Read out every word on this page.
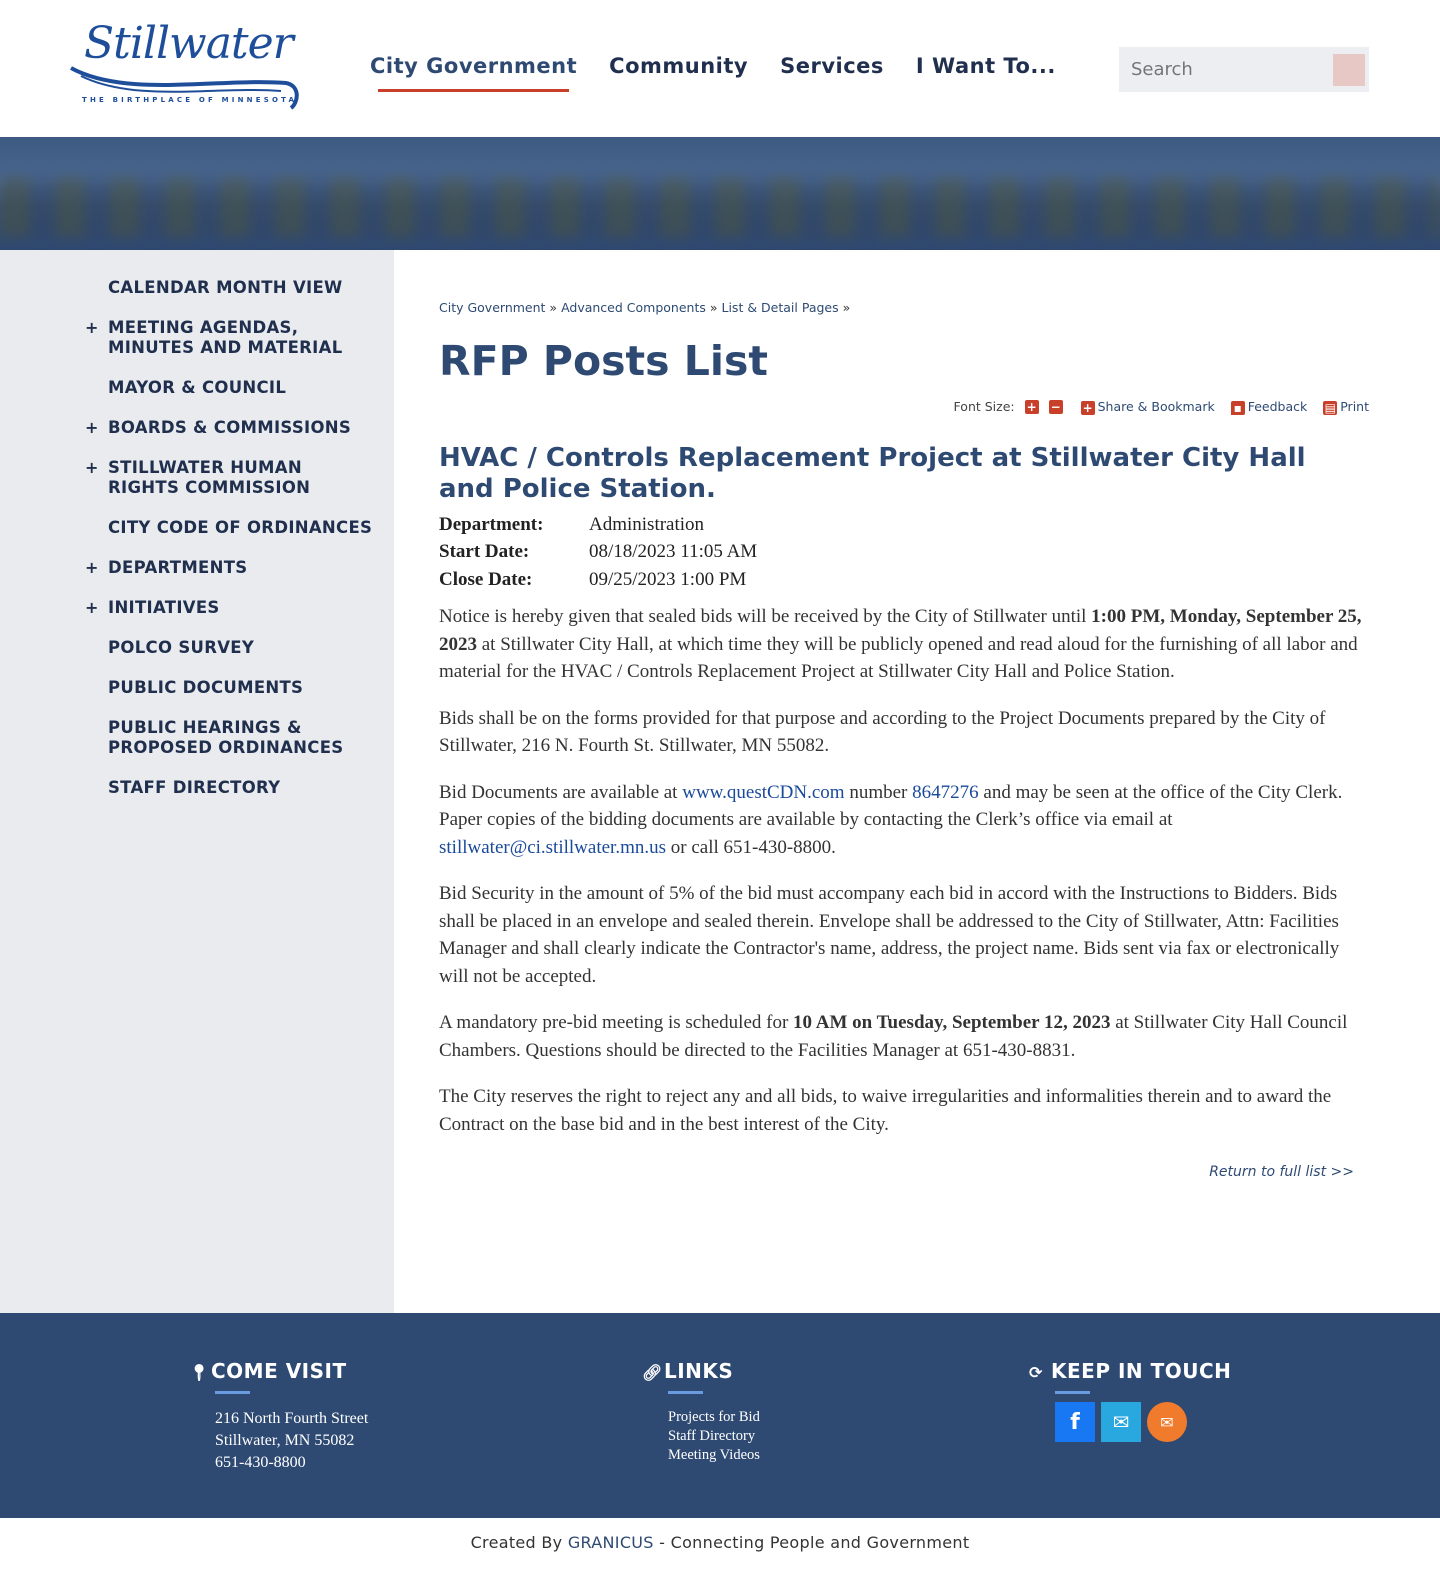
Stillwater
THE BIRTHPLACE OF MINNESOTA
City Government Community Services I Want To...
Search
CALENDAR MONTH VIEW
+ MEETING AGENDAS, MINUTES AND MATERIAL
MAYOR & COUNCIL
+ BOARDS & COMMISSIONS
+ STILLWATER HUMAN RIGHTS COMMISSION
CITY CODE OF ORDINANCES
+ DEPARTMENTS
+ INITIATIVES
POLCO SURVEY
PUBLIC DOCUMENTS
PUBLIC HEARINGS & PROPOSED ORDINANCES
STAFF DIRECTORY
City Government » Advanced Components » List & Detail Pages »
RFP Posts List
Font Size: + − + Share & Bookmark ▪ Feedback ▤ Print
HVAC / Controls Replacement Project at Stillwater City Hall and Police Station.
Department: Administration
Start Date:	08/18/2023 11:05 AM
Close Date:	09/25/2023 1:00 PM

Notice is hereby given that sealed bids will be received by the City of Stillwater until 1:00 PM, Monday, September 25, 2023 at Stillwater City Hall, at which time they will be publicly opened and read aloud for the furnishing of all labor and material for the HVAC / Controls Replacement Project at Stillwater City Hall and Police Station.

Bids shall be on the forms provided for that purpose and according to the Project Documents prepared by the City of Stillwater, 216 N. Fourth St. Stillwater, MN 55082.

Bid Documents are available at www.questCDN.com number 8647276 and may be seen at the office of the City Clerk. Paper copies of the bidding documents are available by contacting the Clerk’s office via email at stillwater@ci.stillwater.mn.us or call 651-430-8800.

Bid Security in the amount of 5% of the bid must accompany each bid in accord with the Instructions to Bidders. Bids shall be placed in an envelope and sealed therein. Envelope shall be addressed to the City of Stillwater, Attn: Facilities Manager and shall clearly indicate the Contractor's name, address, the project name. Bids sent via fax or electronically will not be accepted.

A mandatory pre-bid meeting is scheduled for 10 AM on Tuesday, September 12, 2023 at Stillwater City Hall Council Chambers. Questions should be directed to the Facilities Manager at 651-430-8831.

The City reserves the right to reject any and all bids, to waive irregularities and informalities therein and to award the Contract on the base bid and in the best interest of the City.

Return to full list >>
📍︎COME VISIT

216 North Fourth Street

Stillwater, MN 55082

651-430-8800

🔗︎LINKS

Projects for Bid

Staff Directory

Meeting Videos

⟳ KEEP IN TOUCH
f	✉	✉
Created By GRANICUS - Connecting People and Government
